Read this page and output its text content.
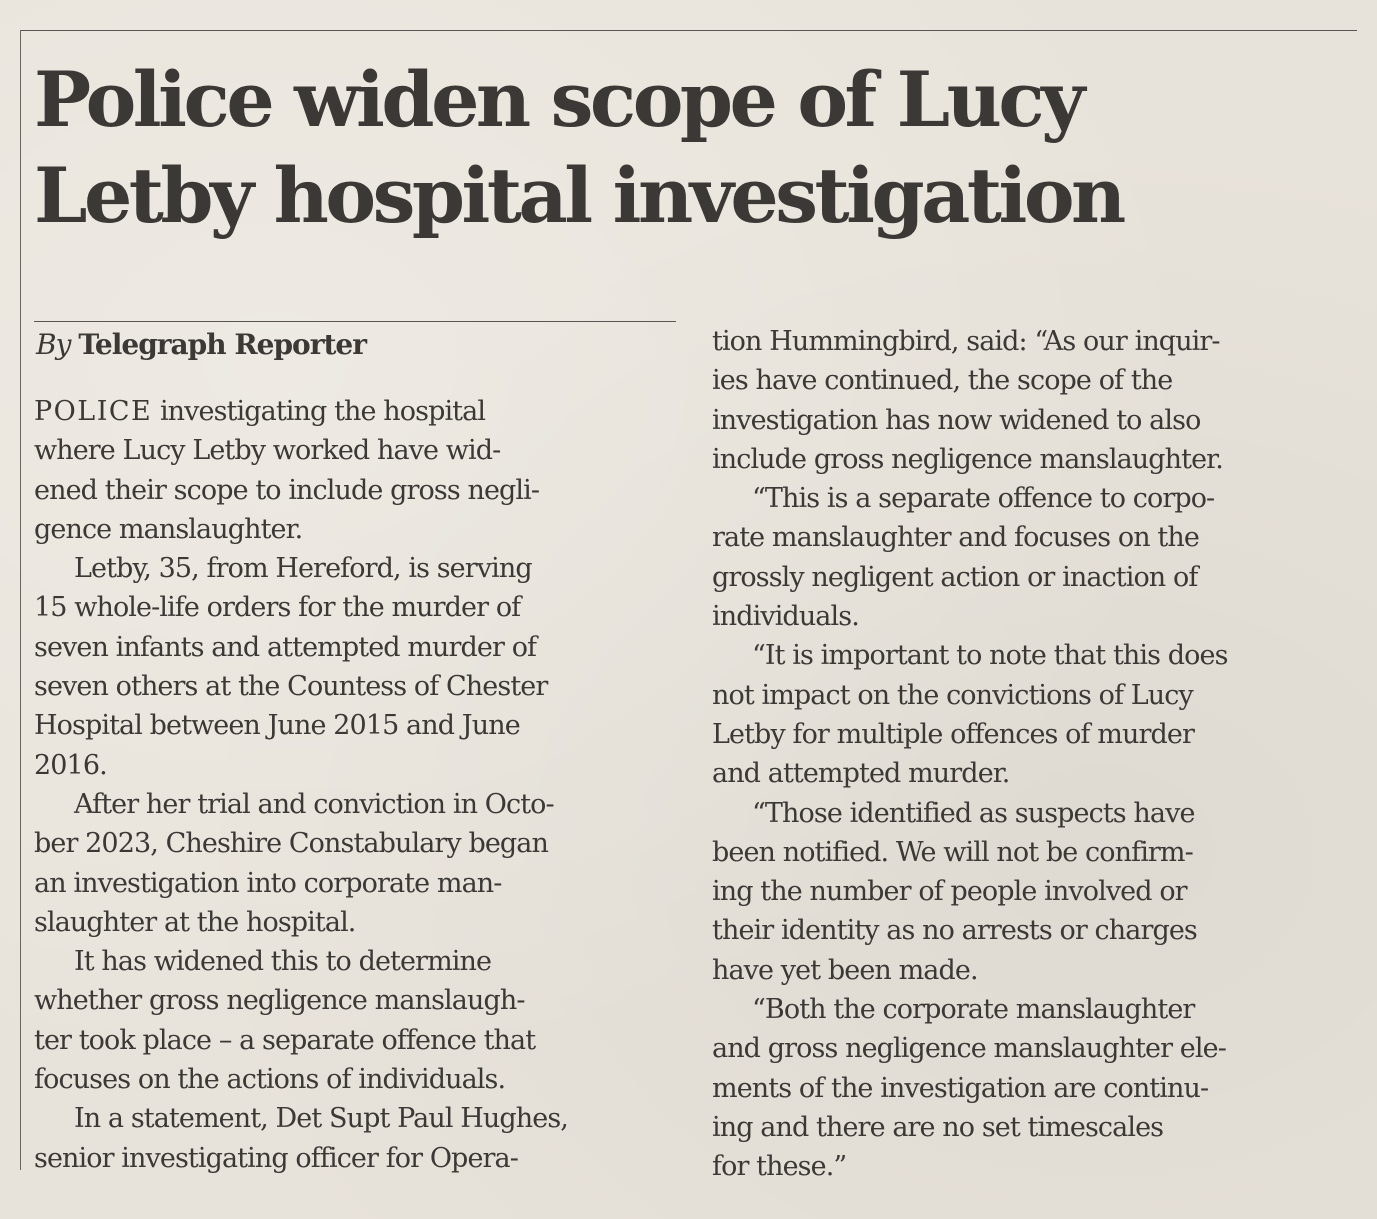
Police widen scope of Lucy
Letby hospital investigation

By Telegraph Reporter

POLICE investigating the hospital
where Lucy Letby worked have wid-
ened their scope to include gross negli-
gence manslaughter.
Letby, 35, from Hereford, is serving
15 whole-life orders for the murder of
seven infants and attempted murder of
seven others at the Countess of Chester
Hospital between June 2015 and June
2016.
After her trial and conviction in Octo-
ber 2023, Cheshire Constabulary began
an investigation into corporate man-
slaughter at the hospital.
It has widened this to determine
whether gross negligence manslaugh-
ter took place – a separate offence that
focuses on the actions of individuals.
In a statement, Det Supt Paul Hughes,
senior investigating officer for Opera-
tion Hummingbird, said: “As our inquir-
ies have continued, the scope of the
investigation has now widened to also
include gross negligence manslaughter.
“This is a separate offence to corpo-
rate manslaughter and focuses on the
grossly negligent action or inaction of
individuals.
“It is important to note that this does
not impact on the convictions of Lucy
Letby for multiple offences of murder
and attempted murder.
“Those identified as suspects have
been notified. We will not be confirm-
ing the number of people involved or
their identity as no arrests or charges
have yet been made.
“Both the corporate manslaughter
and gross negligence manslaughter ele-
ments of the investigation are continu-
ing and there are no set timescales
for these.”
